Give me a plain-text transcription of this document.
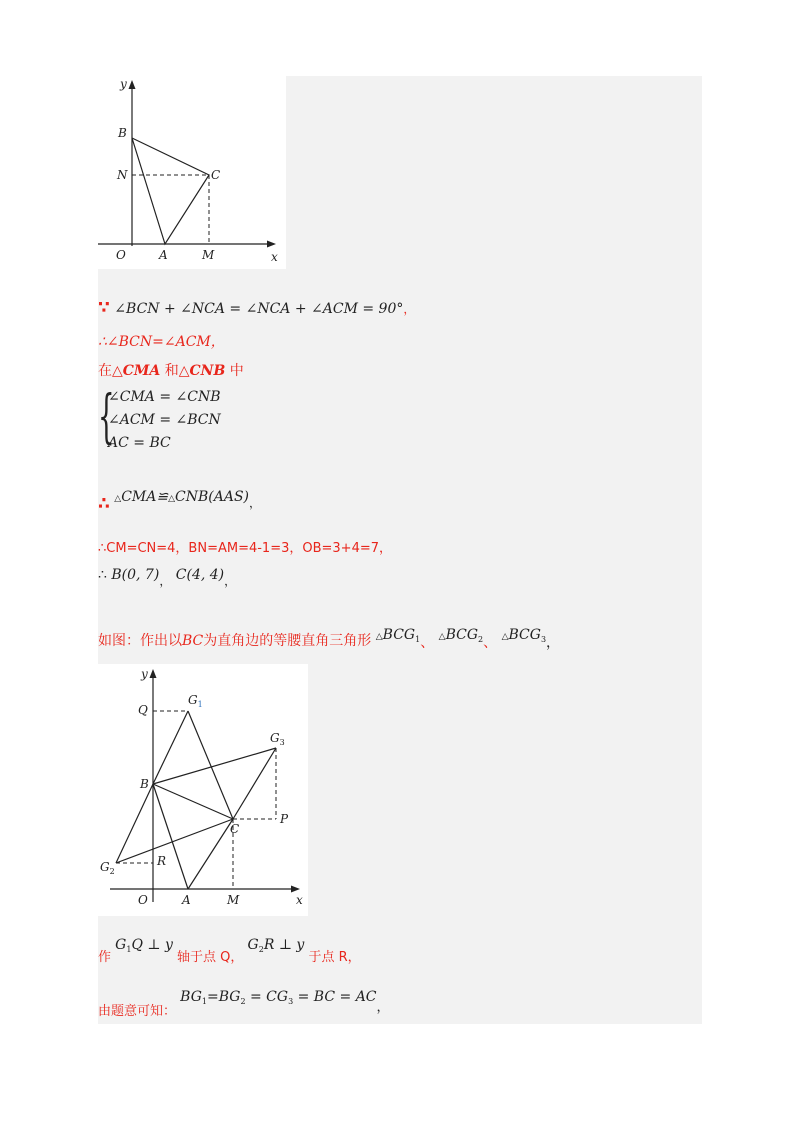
y
B
N	C
O	A	M	x
∵ ∠BCN + ∠NCA = ∠NCA + ∠ACM = 90°，
∴∠BCN=∠ACM，
在△CMA 和△CNB 中
{
∠CMA = ∠CNB
∠ACM = ∠BCN
AC = BC
∴ △CMA≌△CNB(AAS)，
∴CM=CN=4，BN=AM=4-1=3，OB=3+4=7，
∴ B(0, 7)， C(4, 4)，
如图：作出以BC为直角边的等腰直角三角形 $\triangle BCG_1$、 $\triangle BCG_2$、 $\triangle BCG_3$，
y
Q
$G_1$
$G_3$
B
P
C
$G_2$
R
O	A	M	x
作 $G_1Q$ ⊥ y 轴于点 Q， $G_2R$ ⊥ y 于点 R，
由题意可知： $BG_1=BG_2 = CG_3$ = BC = AC，
